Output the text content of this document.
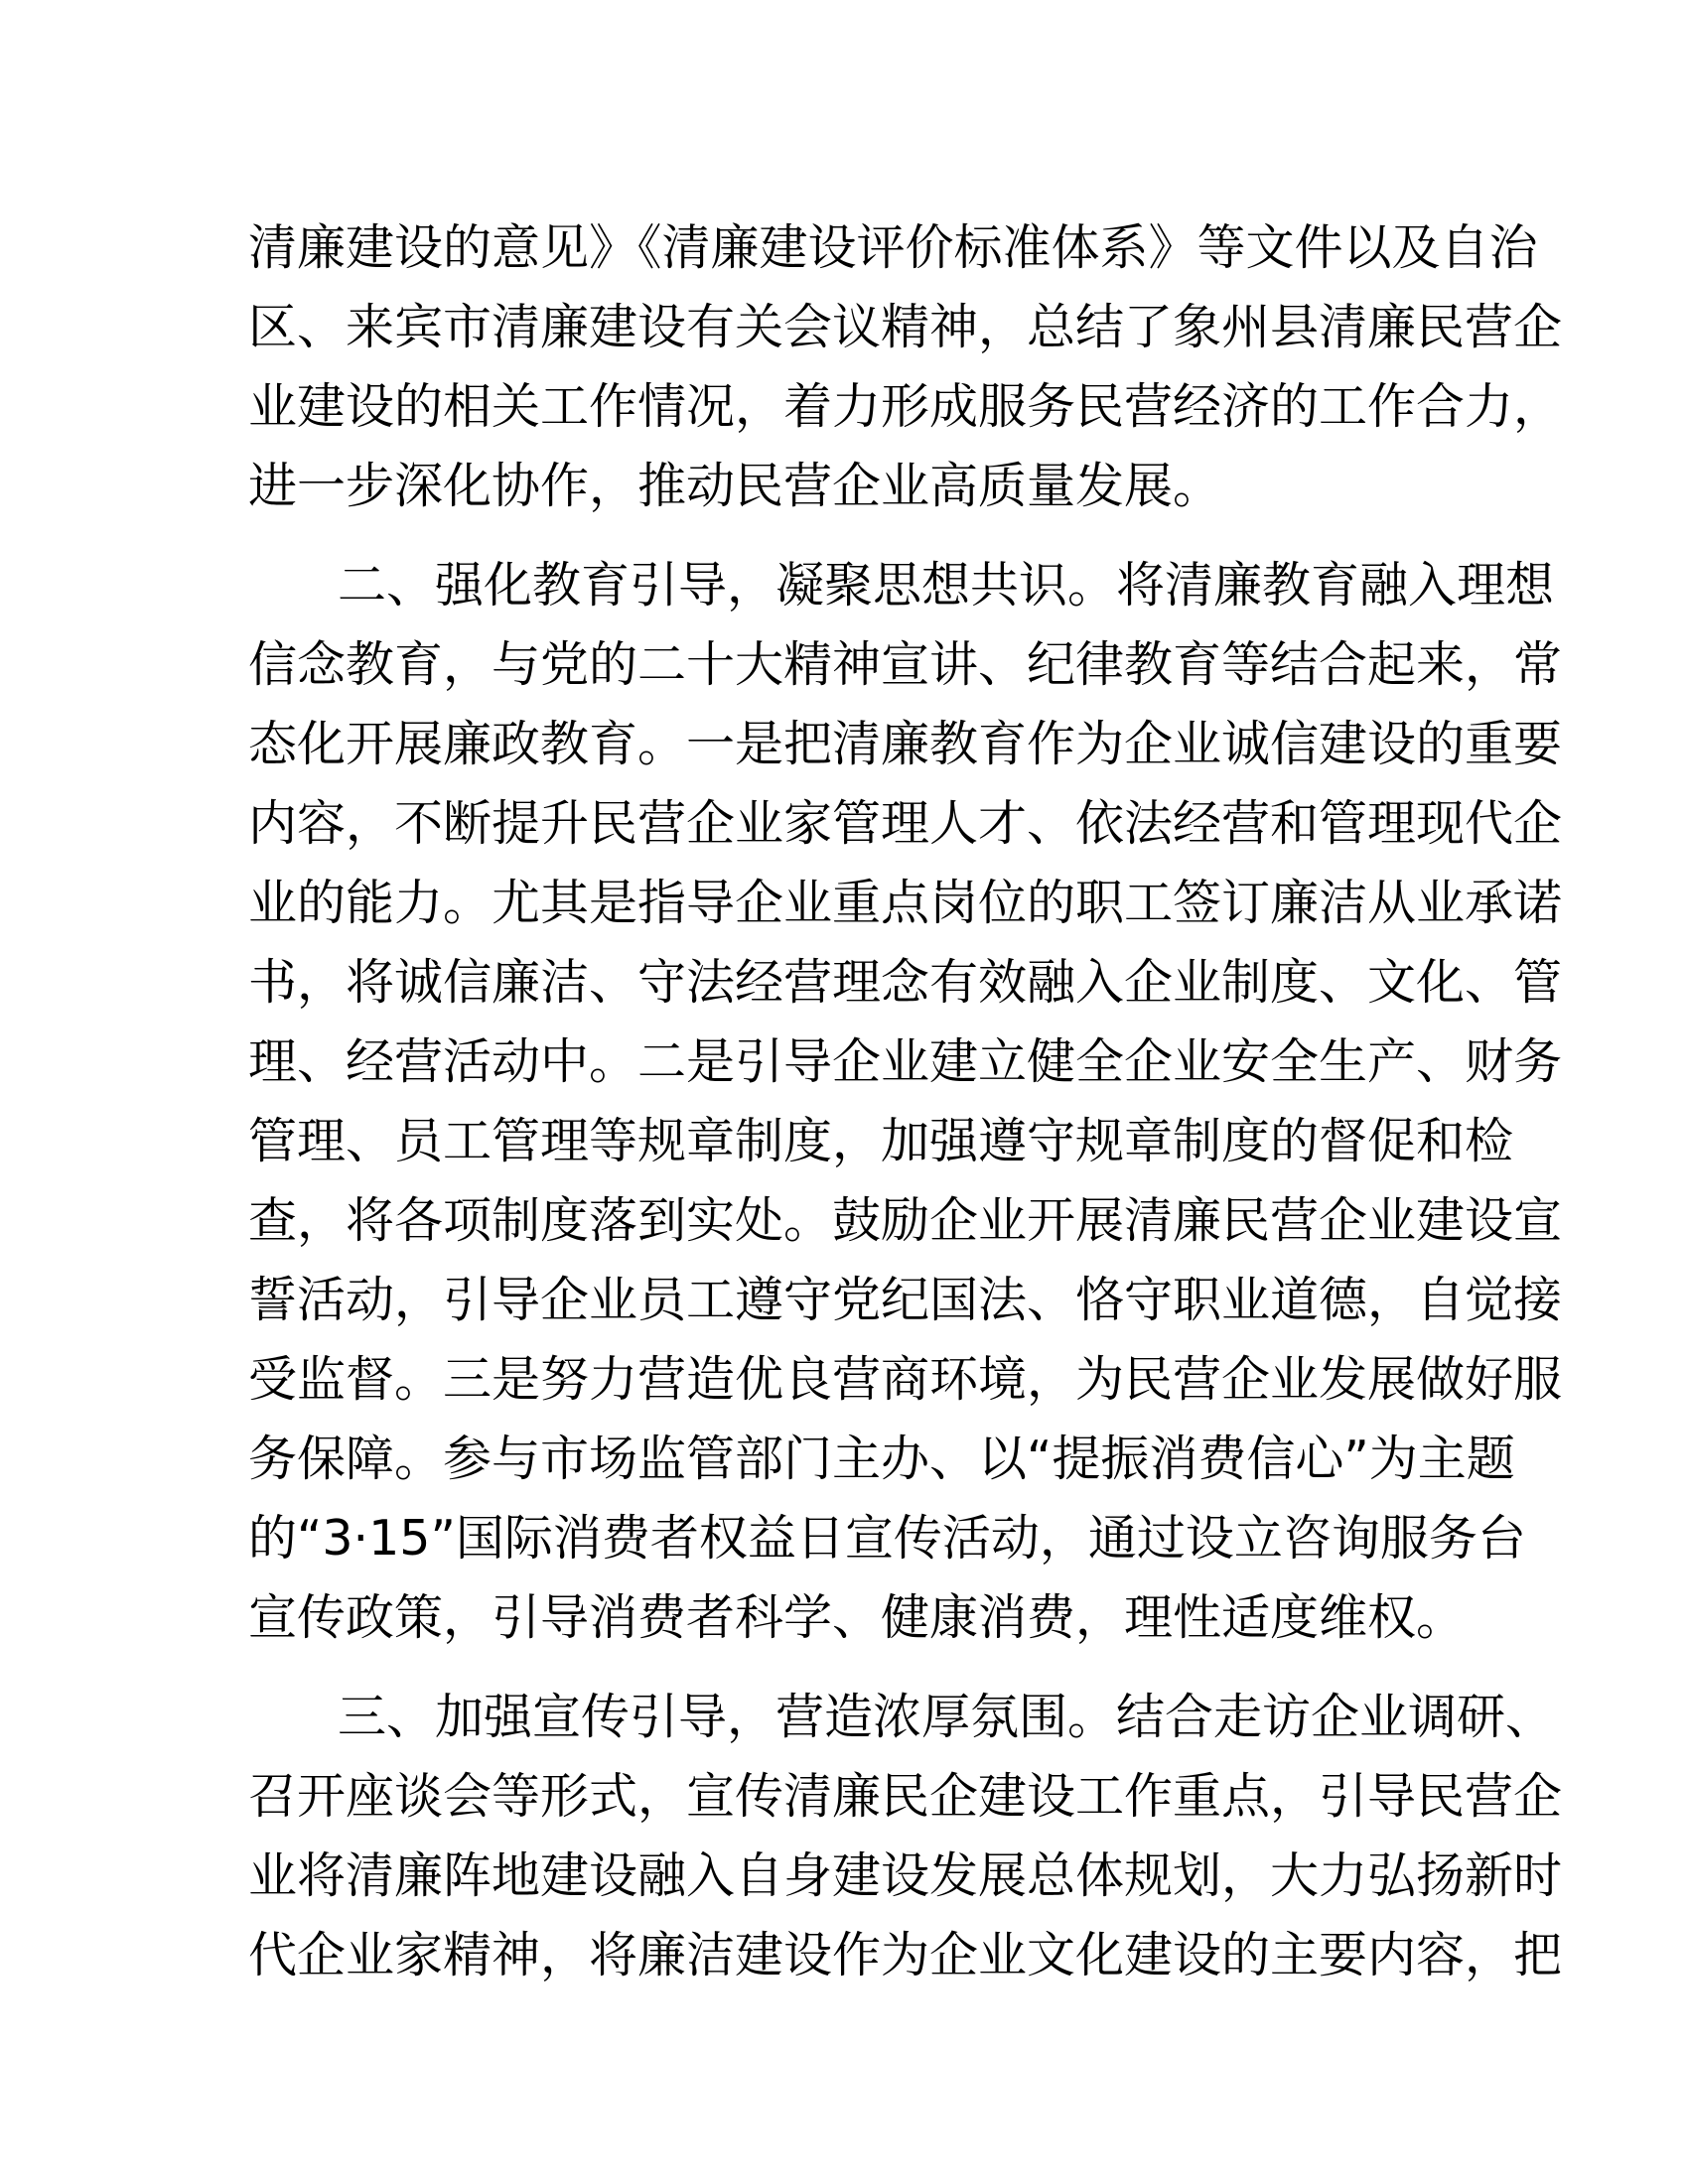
清廉建设的意见》《清廉建设评价标准体系》等文件以及自治
区、来宾市清廉建设有关会议精神，总结了象州县清廉民营企
业建设的相关工作情况，着力形成服务民营经济的工作合力，
进一步深化协作，推动民营企业高质量发展。
二、强化教育引导，凝聚思想共识。将清廉教育融入理想
信念教育，与党的二十大精神宣讲、纪律教育等结合起来，常
态化开展廉政教育。一是把清廉教育作为企业诚信建设的重要
内容，不断提升民营企业家管理人才、依法经营和管理现代企
业的能力。尤其是指导企业重点岗位的职工签订廉洁从业承诺
书，将诚信廉洁、守法经营理念有效融入企业制度、文化、管
理、经营活动中。二是引导企业建立健全企业安全生产、财务
管理、员工管理等规章制度，加强遵守规章制度的督促和检
查，将各项制度落到实处。鼓励企业开展清廉民营企业建设宣
誓活动，引导企业员工遵守党纪国法、恪守职业道德，自觉接
受监督。三是努力营造优良营商环境，为民营企业发展做好服
务保障。参与市场监管部门主办、以“提振消费信心”为主题
的“3·15”国际消费者权益日宣传活动，通过设立咨询服务台
宣传政策，引导消费者科学、健康消费，理性适度维权。
三、加强宣传引导，营造浓厚氛围。结合走访企业调研、
召开座谈会等形式，宣传清廉民企建设工作重点，引导民营企
业将清廉阵地建设融入自身建设发展总体规划，大力弘扬新时
代企业家精神，将廉洁建设作为企业文化建设的主要内容，把
